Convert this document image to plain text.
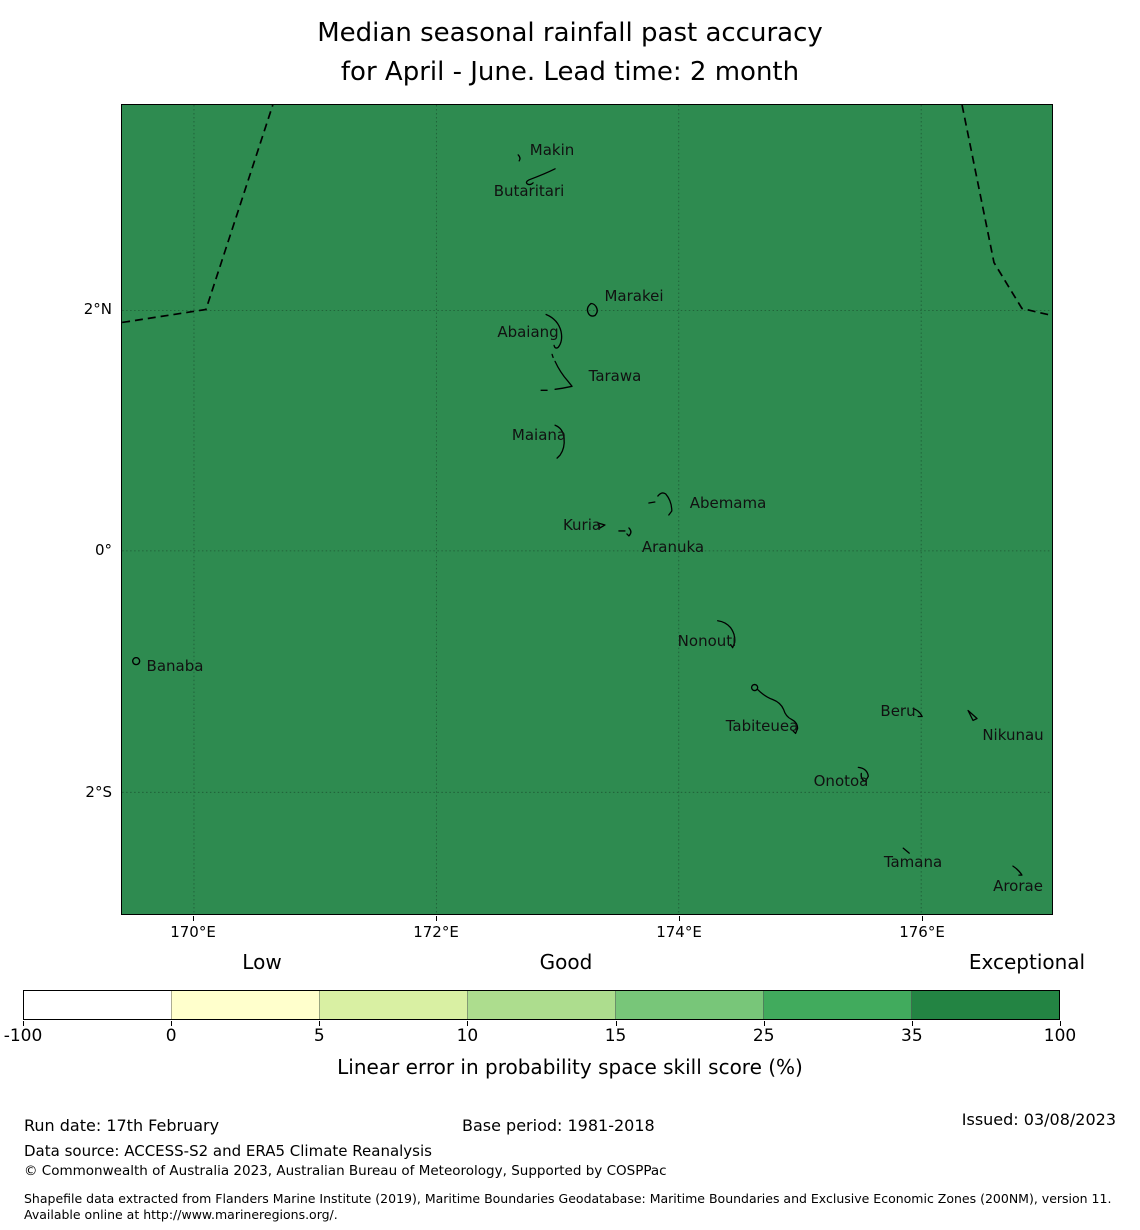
Median seasonal rainfall past accuracy
for April - June. Lead time: 2 month
Makin
Butaritari
Marakei
Abaiang
Tarawa
Maiana
Abemama
Kuria
Aranuka
Nonouti
Banaba
Tabiteuea
Beru
Nikunau
Onotoa
Tamana
Arorae
2°N
0°
2°S
170°E	172°E	174°E	176°E
Low	Good	Exceptional
-100	0	5	10	15	25	35	100
Linear error in probability space skill score (%)
Run date: 17th February	Base period: 1981-2018	Issued: 03/08/2023
Data source: ACCESS-S2 and ERA5 Climate Reanalysis
© Commonwealth of Australia 2023, Australian Bureau of Meteorology, Supported by COSPPac
Shapefile data extracted from Flanders Marine Institute (2019), Maritime Boundaries Geodatabase: Maritime Boundaries and Exclusive Economic Zones (200NM), version 11. Available online at http://www.marineregions.org/.
